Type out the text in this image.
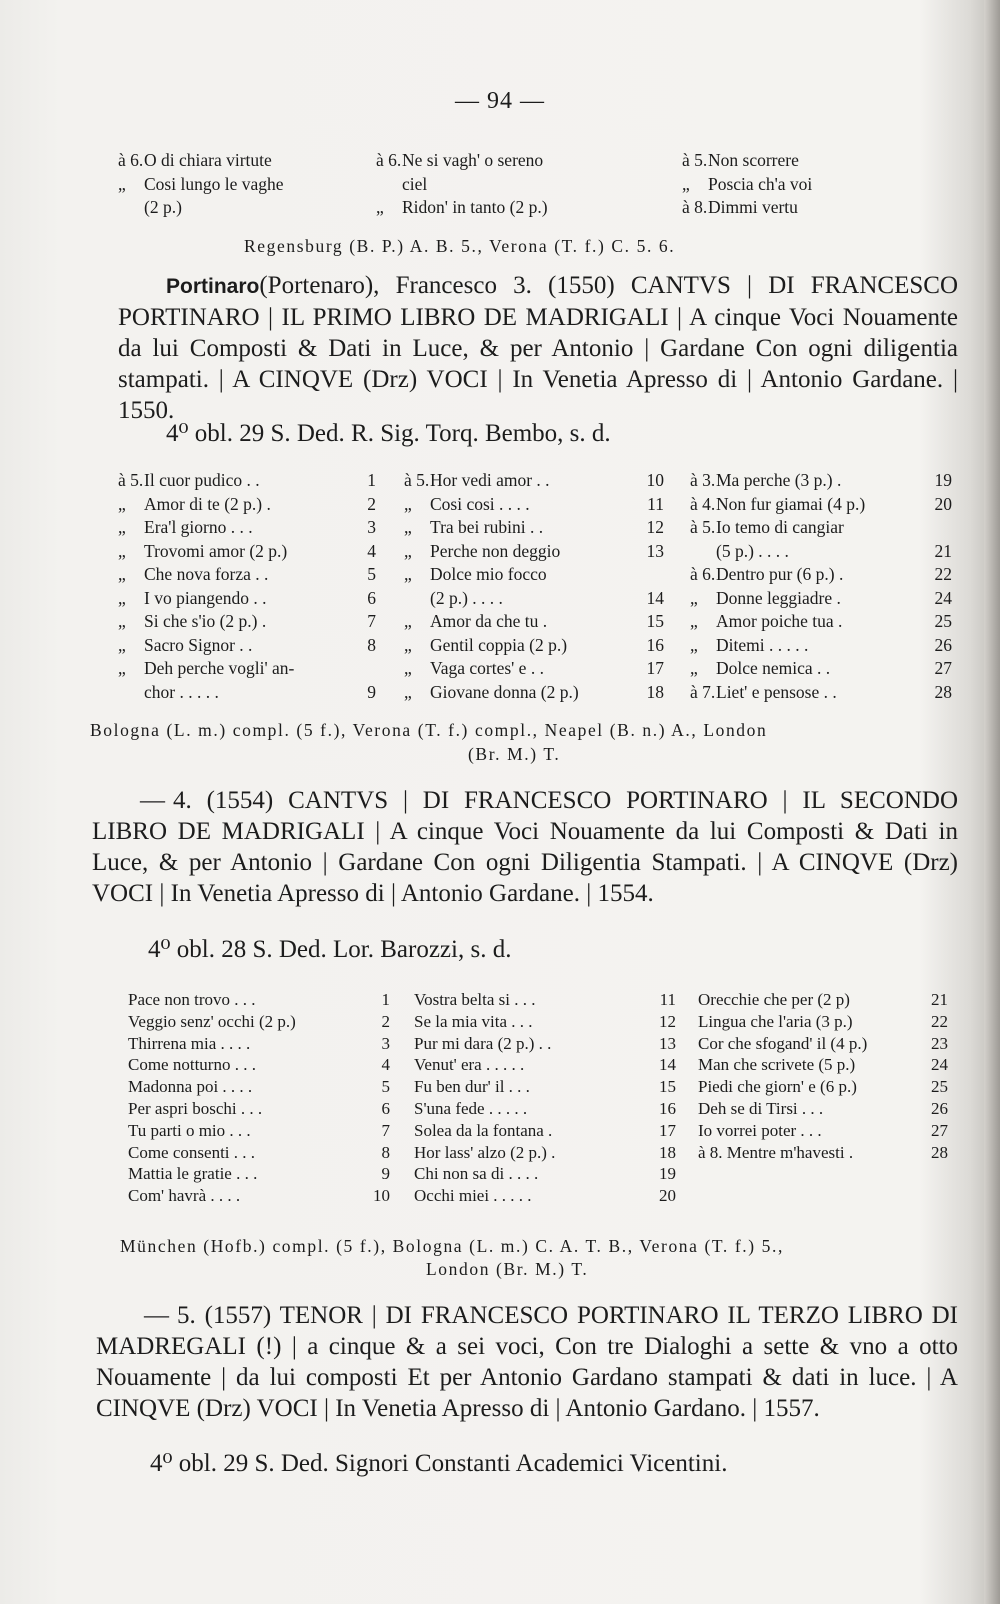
— 94 —
à 6. O di chiara virtute
„	Cosi lungo le vaghe
(2 p.)
à 6. Ne si vagh' o sereno
ciel
„	Ridon' in tanto (2 p.)
à 5. Non scorrere
„	Poscia ch'a voi
à 8. Dimmi vertu
Regensburg (B. P.) A. B. 5., Verona (T. f.) C. 5. 6.
Portinaro(Portenaro), Francesco 3. (1550) CANTVS | DI FRANCESCO PORTINARO | IL PRIMO LIBRO DE MADRIGALI | A cinque Voci Nouamente da lui Composti & Dati in Luce, & per Antonio | Gardane Con ogni diligentia stampati. | A CINQVE (Drz) VOCI | In Venetia Apresso di | Antonio Gardane. | 1550.
4⁰ obl. 29 S. Ded. R. Sig. Torq. Bembo, s. d.
à 5. Il cuor pudico . .	1
„	Amor di te (2 p.) .	2
„	Era'l giorno . . .	3
„	Trovomi amor (2 p.)	4
„	Che nova forza . .	5
„	I vo piangendo . .	6
„	Si che s'io (2 p.) .	7
„	Sacro Signor . .	8
„	Deh perche vogli' an-
chor . . . . .	9
à 5. Hor vedi amor . .	10
„	Cosi cosi . . . .	11
„	Tra bei rubini . .	12
„	Perche non deggio	13
„	Dolce mio focco
(2 p.) . . . .	14
„	Amor da che tu .	15
„	Gentil coppia (2 p.)	16
„	Vaga cortes' e . .	17
„	Giovane donna (2 p.)	18
à 3. Ma perche (3 p.) .	19
à 4. Non fur giamai (4 p.)	20
à 5. Io temo di cangiar
(5 p.) . . . .	21
à 6. Dentro pur (6 p.) .	22
„	Donne leggiadre .	24
„	Amor poiche tua .	25
„	Ditemi . . . . .	26
„	Dolce nemica . .	27
à 7. Liet' e pensose . .	28
Bologna (L. m.) compl. (5 f.), Verona (T. f.) compl., Neapel (B. n.) A., London
(Br. M.) T.
— 4. (1554) CANTVS | DI FRANCESCO PORTINARO | IL SECONDO LIBRO DE MADRIGALI | A cinque Voci Nouamente da lui Composti & Dati in Luce, & per Antonio | Gardane Con ogni Diligentia Stampati. | A CINQVE (Drz) VOCI | In Venetia Apresso di | Antonio Gardane. | 1554.
4⁰ obl. 28 S. Ded. Lor. Barozzi, s. d.
Pace non trovo . . .	1
Veggio senz' occhi (2 p.)	2
Thirrena mia . . . .	3
Come notturno . . .	4
Madonna poi . . . .	5
Per aspri boschi . . .	6
Tu parti o mio . . .	7
Come consenti . . .	8
Mattia le gratie . . .	9
Com' havrà . . . .	10
Vostra belta si . . .	11
Se la mia vita . . .	12
Pur mi dara (2 p.) . .	13
Venut' era . . . . .	14
Fu ben dur' il . . .	15
S'una fede . . . . .	16
Solea da la fontana .	17
Hor lass' alzo (2 p.) .	18
Chi non sa di . . . .	19
Occhi miei . . . . .	20
Orecchie che per (2 p)	21
Lingua che l'aria (3 p.)	22
Cor che sfogand' il (4 p.)	23
Man che scrivete (5 p.)	24
Piedi che giorn' e (6 p.)	25
Deh se di Tirsi . . .	26
Io vorrei poter . . .	27
à 8. Mentre m'havesti .	28
München (Hofb.) compl. (5 f.), Bologna (L. m.) C. A. T. B., Verona (T. f.) 5.,
London (Br. M.) T.
— 5. (1557) TENOR | DI FRANCESCO PORTINARO IL TERZO LIBRO DI MADREGALI (!) | a cinque & a sei voci, Con tre Dialoghi a sette & vno a otto Nouamente | da lui composti Et per Antonio Gardano stampati & dati in luce. | A CINQVE (Drz) VOCI | In Venetia Apresso di | Antonio Gardano. | 1557.
4⁰ obl. 29 S. Ded. Signori Constanti Academici Vicentini.
